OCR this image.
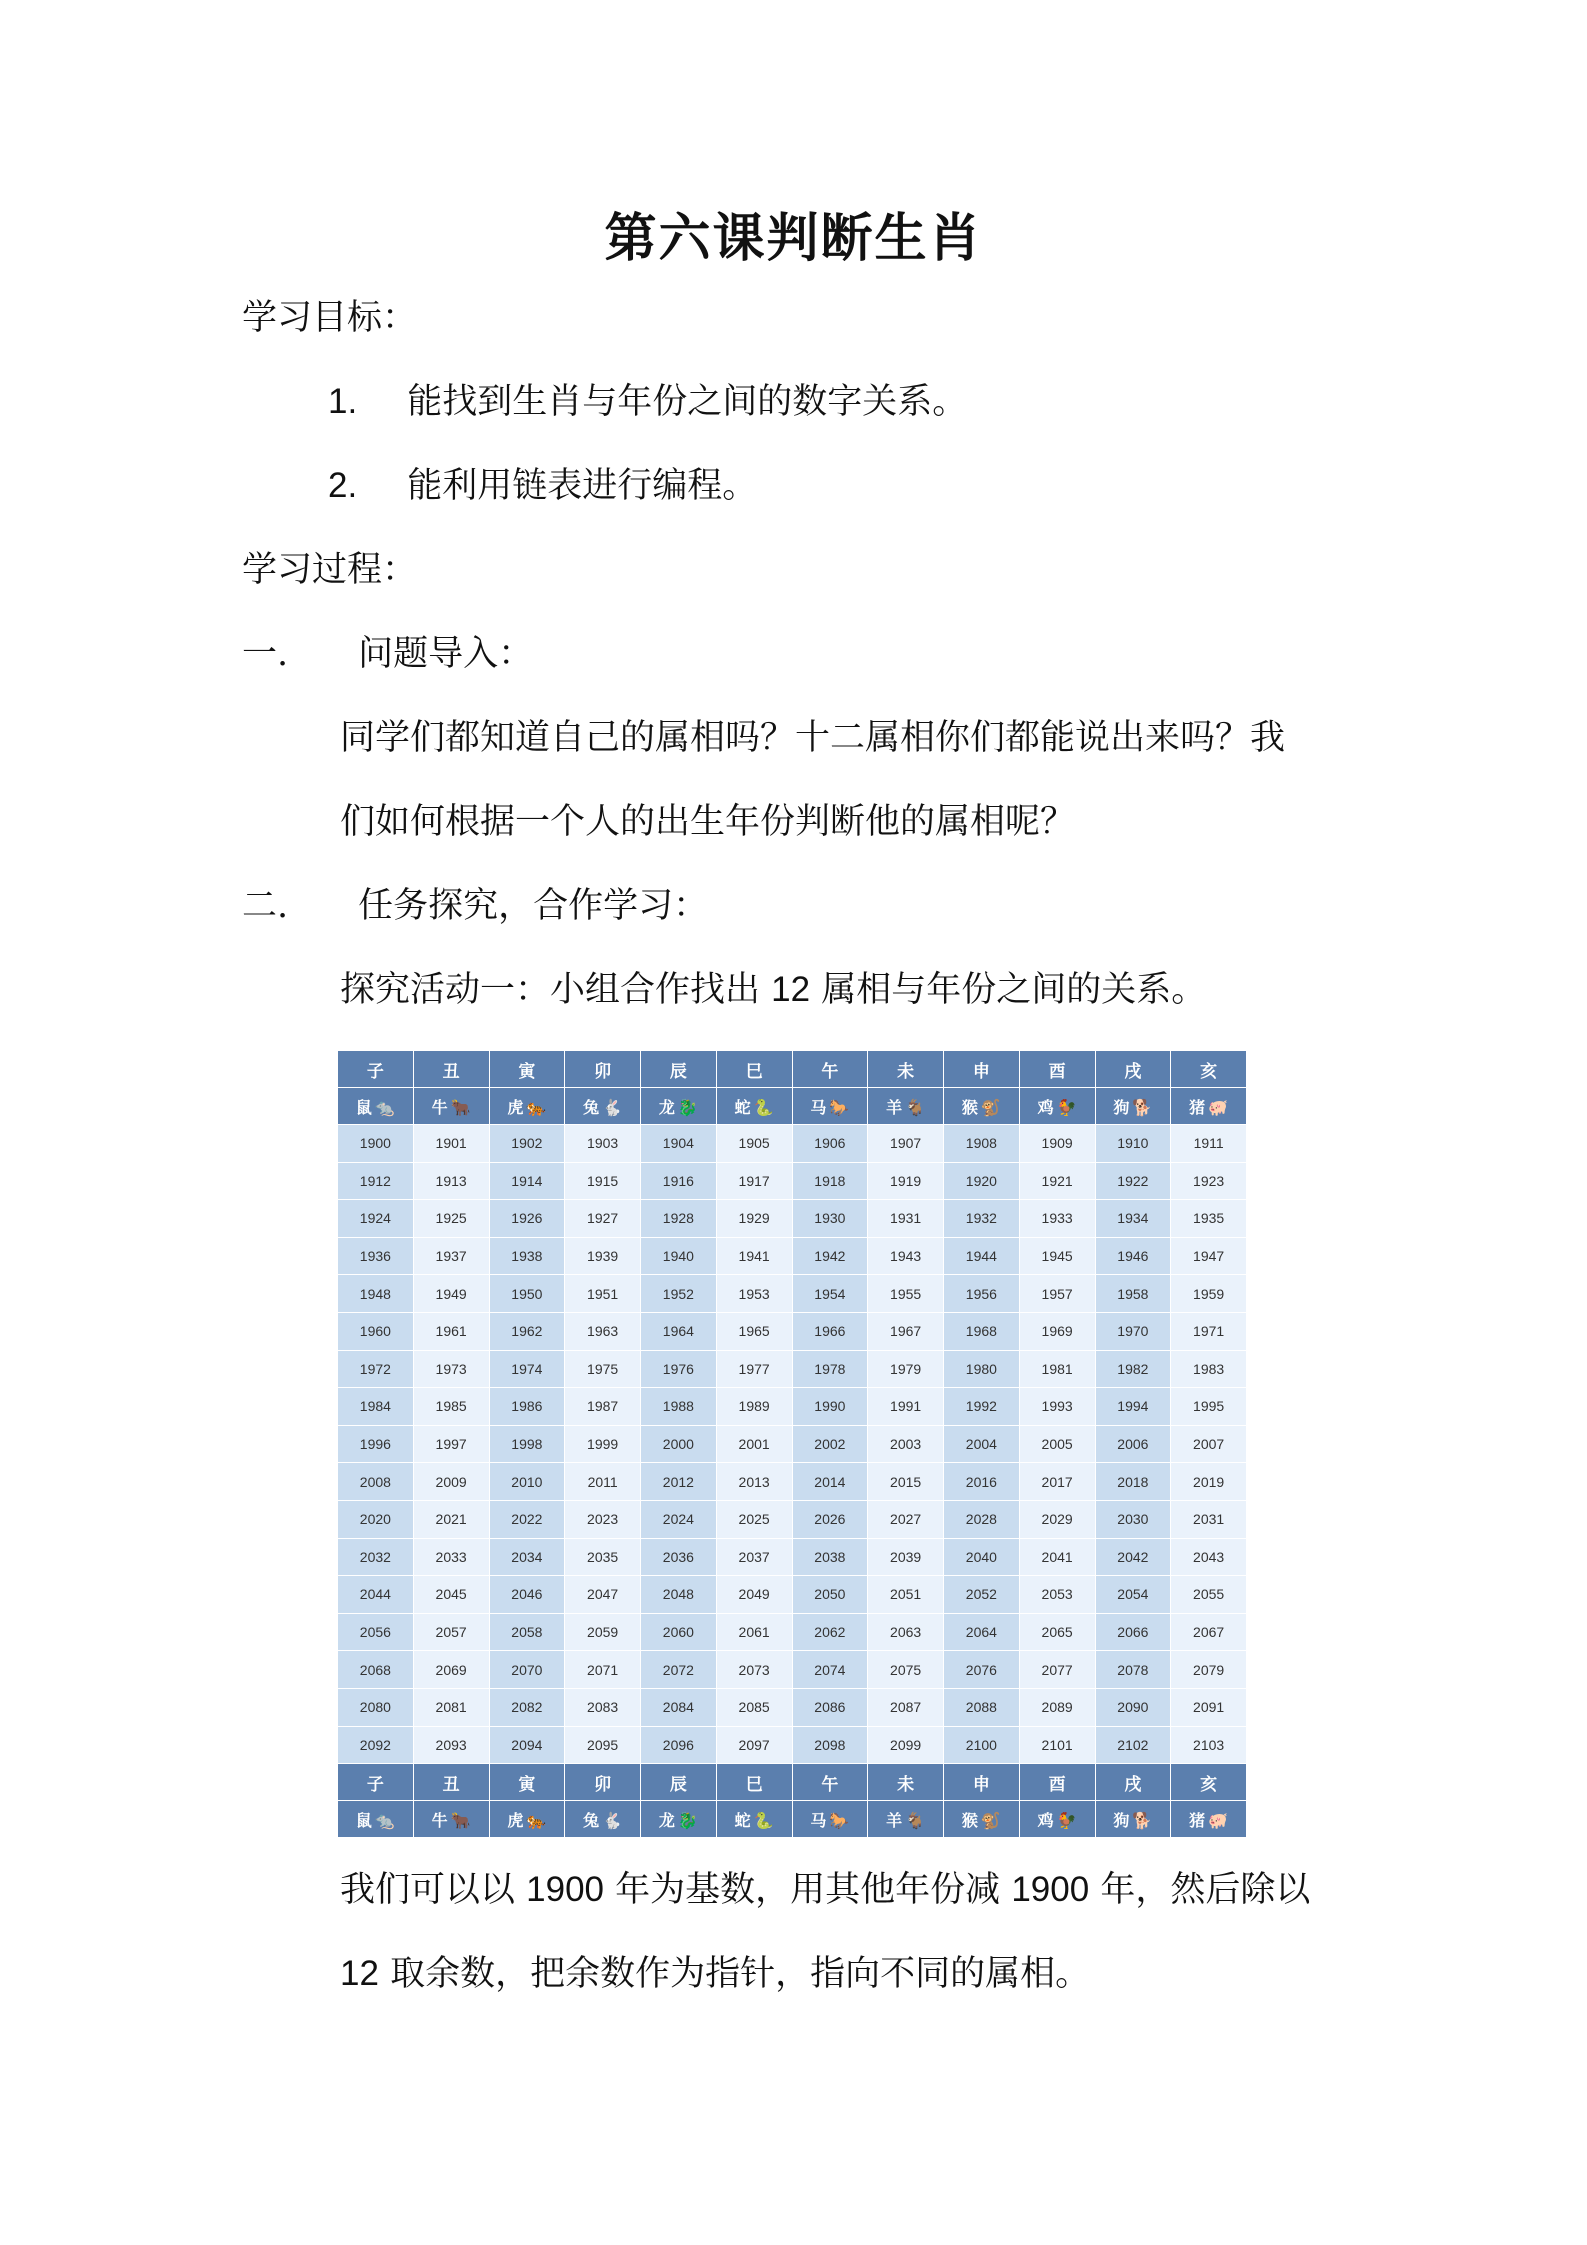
第六课判断生肖
学习目标：
1. 能找到生肖与年份之间的数字关系。
2. 能利用链表进行编程。
学习过程：
一. 问题导入：
同学们都知道自己的属相吗？十二属相你们都能说出来吗？我
们如何根据一个人的出生年份判断他的属相呢？
二. 任务探究，合作学习：
探究活动一：小组合作找出 12 属相与年份之间的关系。
子	丑	寅	卯	辰	巳	午	未	申	酉	戌	亥
鼠 🐀	牛 🐂	虎 🐅	兔 🐇	龙 🐉	蛇 🐍	马 🐎	羊 🐐	猴 🐒	鸡 🐓	狗 🐕	猪 🐖
1900	1901	1902	1903	1904	1905	1906	1907	1908	1909	1910	1911
1912	1913	1914	1915	1916	1917	1918	1919	1920	1921	1922	1923
1924	1925	1926	1927	1928	1929	1930	1931	1932	1933	1934	1935
1936	1937	1938	1939	1940	1941	1942	1943	1944	1945	1946	1947
1948	1949	1950	1951	1952	1953	1954	1955	1956	1957	1958	1959
1960	1961	1962	1963	1964	1965	1966	1967	1968	1969	1970	1971
1972	1973	1974	1975	1976	1977	1978	1979	1980	1981	1982	1983
1984	1985	1986	1987	1988	1989	1990	1991	1992	1993	1994	1995
1996	1997	1998	1999	2000	2001	2002	2003	2004	2005	2006	2007
2008	2009	2010	2011	2012	2013	2014	2015	2016	2017	2018	2019
2020	2021	2022	2023	2024	2025	2026	2027	2028	2029	2030	2031
2032	2033	2034	2035	2036	2037	2038	2039	2040	2041	2042	2043
2044	2045	2046	2047	2048	2049	2050	2051	2052	2053	2054	2055
2056	2057	2058	2059	2060	2061	2062	2063	2064	2065	2066	2067
2068	2069	2070	2071	2072	2073	2074	2075	2076	2077	2078	2079
2080	2081	2082	2083	2084	2085	2086	2087	2088	2089	2090	2091
2092	2093	2094	2095	2096	2097	2098	2099	2100	2101	2102	2103
子	丑	寅	卯	辰	巳	午	未	申	酉	戌	亥
鼠 🐀	牛 🐂	虎 🐅	兔 🐇	龙 🐉	蛇 🐍	马 🐎	羊 🐐	猴 🐒	鸡 🐓	狗 🐕	猪 🐖
我们可以以 1900 年为基数，用其他年份减 1900 年，然后除以
12 取余数，把余数作为指针，指向不同的属相。
